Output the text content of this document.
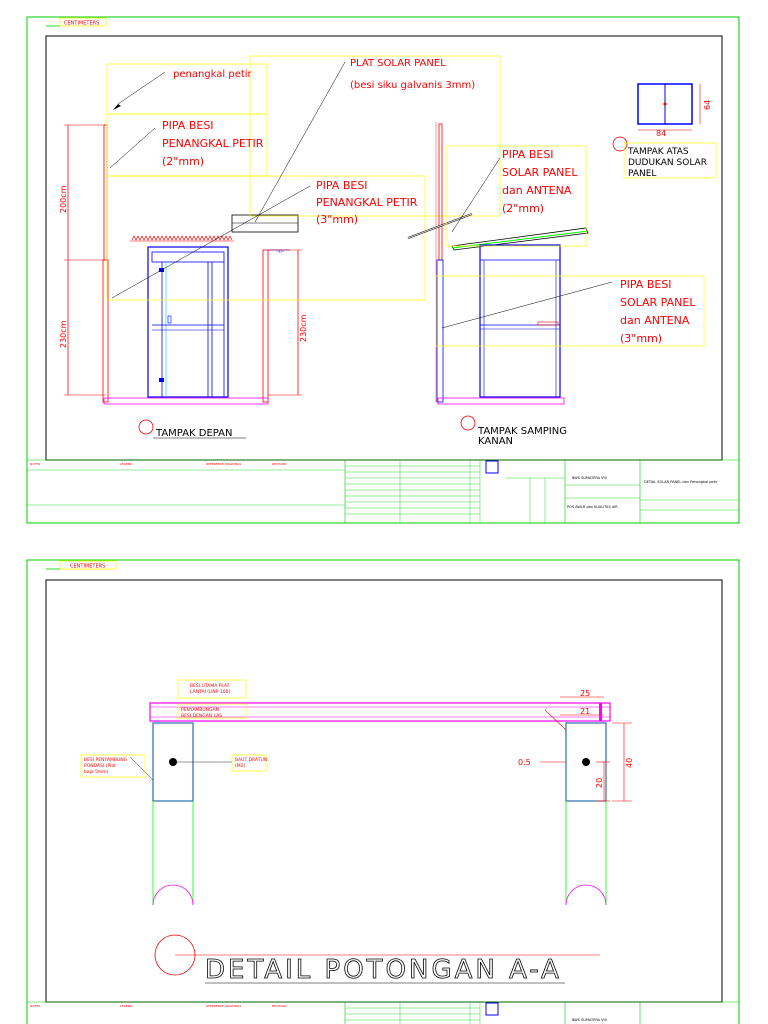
CENTIMETERS
200cm
230cm
⊣⊢
230cm
penangkal petir
PLAT SOLAR PANEL
(besi siku galvanis 3mm)
PIPA BESI
PENANGKAL PETIR
(2"mm)
PIPA BESI
PENANGKAL PETIR
(3"mm)
PIPA BESI
SOLAR PANEL
dan ANTENA
(2"mm)
PIPA BESI
SOLAR PANEL
dan ANTENA
(3"mm)
84
64
TAMPAK ATAS
DUDUKAN SOLAR
PANEL
TAMPAK DEPAN	TAMPAK SAMPING
KANAN
NOTES	LEGEND	REFERENCE DRAWINGS	REVISION
BWS SUMATERA VIII
POS AWLR dan KUALITAS AIR
DETAIL SOLAR PANEL dan Penangkal petir
CENTIMETERS
25
21
0.5	40
20
BESI UTAMA PLAT
LANTAI (UNP 100)
PENYAMBUNGAN
BESI DENGAN LAS
BESI PENYAMBUNG
PONDASI (Plat
baja 5mm)
BAUT DRATUN
(M2)
DETAIL POTONGAN A-A
NOTES	LEGEND	REFERENCE DRAWINGS	REVISION
BWS SUMATERA VIII
